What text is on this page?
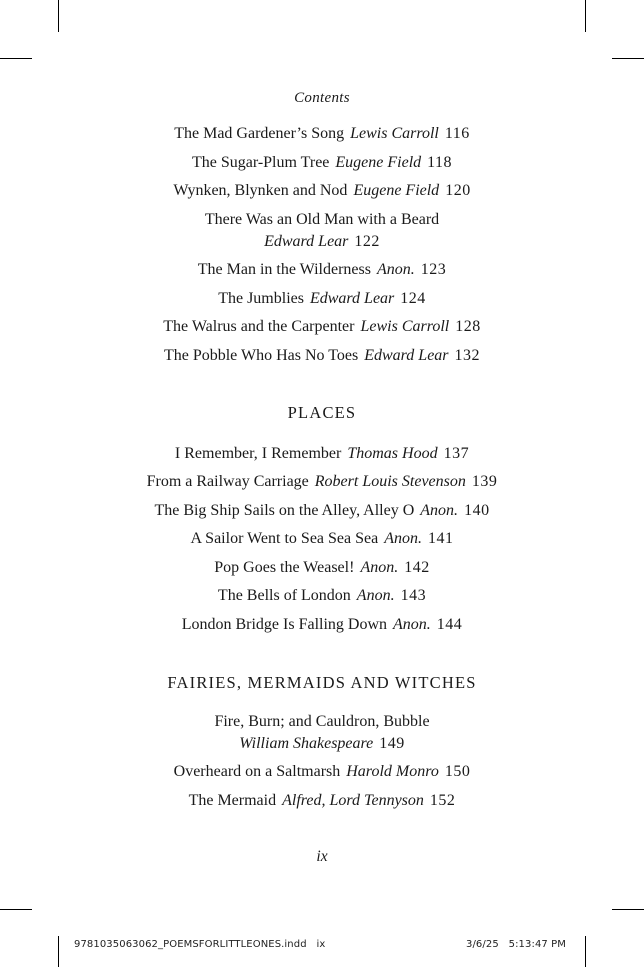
Contents
The Mad Gardener’s Song Lewis Carroll 116
The Sugar-Plum Tree Eugene Field 118
Wynken, Blynken and Nod Eugene Field 120
There Was an Old Man with a Beard
Edward Lear 122
The Man in the Wilderness Anon. 123
The Jumblies Edward Lear 124
The Walrus and the Carpenter Lewis Carroll 128
The Pobble Who Has No Toes Edward Lear 132
PLACES
I Remember, I Remember Thomas Hood 137
From a Railway Carriage Robert Louis Stevenson 139
The Big Ship Sails on the Alley, Alley O Anon. 140
A Sailor Went to Sea Sea Sea Anon. 141
Pop Goes the Weasel! Anon. 142
The Bells of London Anon. 143
London Bridge Is Falling Down Anon. 144
FAIRIES, MERMAIDS AND WITCHES
Fire, Burn; and Cauldron, Bubble
William Shakespeare 149
Overheard on a Saltmarsh Harold Monro 150
The Mermaid Alfred, Lord Tennyson 152
ix
9781035063062_POEMSFORLITTLEONES.indd   ix	3/6/25   5:13:47 PM
